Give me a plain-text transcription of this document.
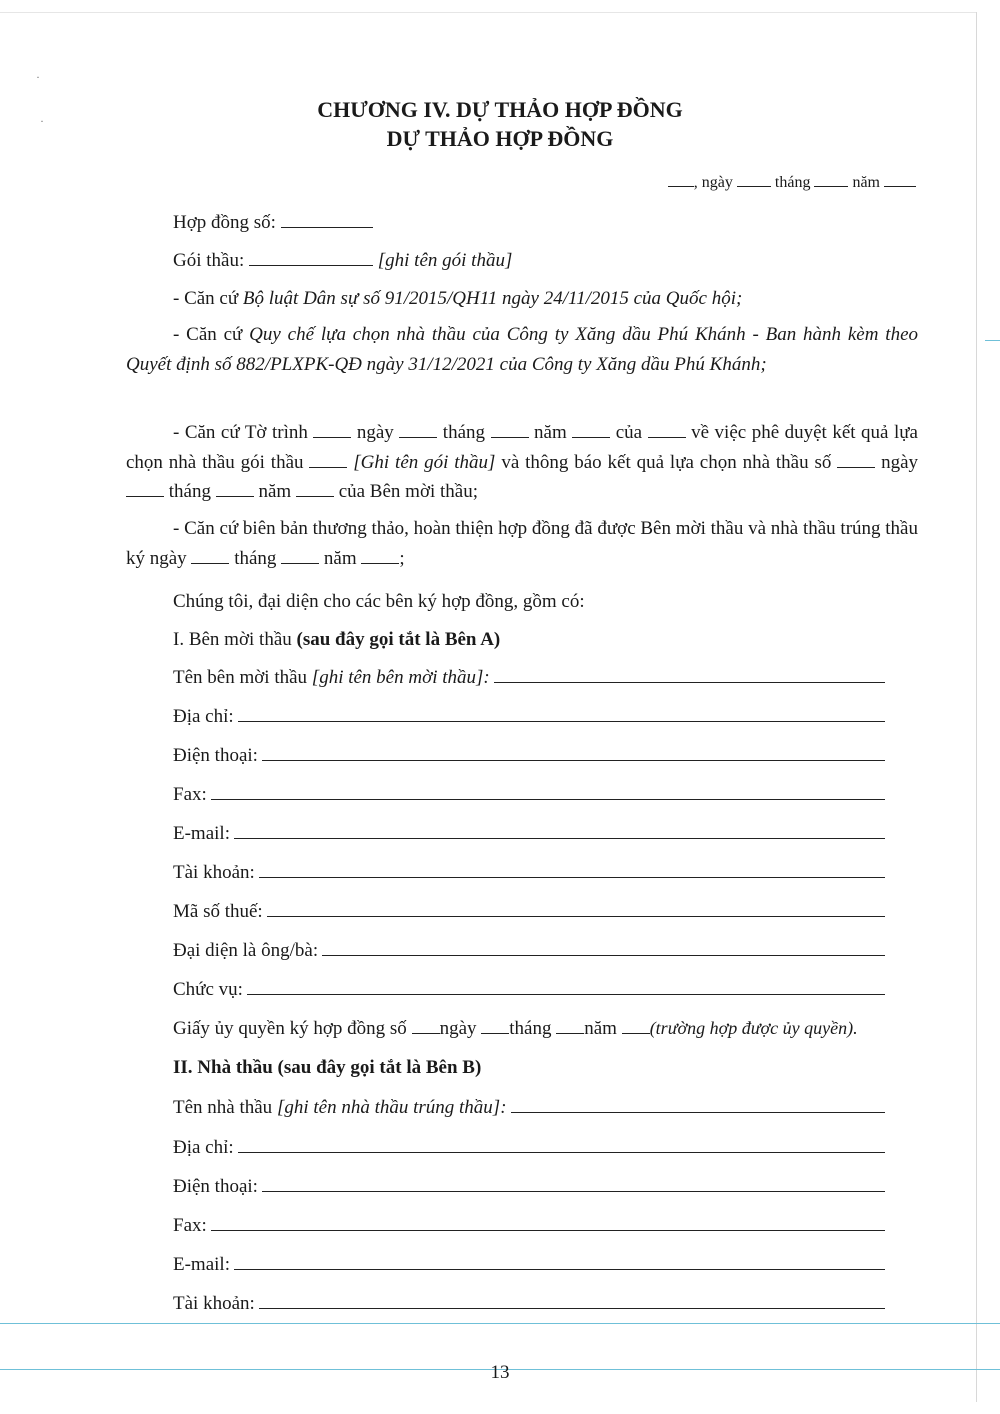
·
·	CHƯƠNG IV. DỰ THẢO HỢP ĐỒNG
DỰ THẢO HỢP ĐỒNG
, ngày	tháng	năm
Hợp đồng số:
Gói thầu:	[ghi tên gói thầu]
- Căn cứ Bộ luật Dân sự số 91/2015/QH11 ngày 24/11/2015 của Quốc hội;
- Căn cứ Quy chế lựa chọn nhà thầu của Công ty Xăng dầu Phú Khánh - Ban hành kèm theo Quyết định số 882/PLXPK-QĐ ngày 31/12/2021 của Công ty Xăng dầu Phú Khánh;
- Căn cứ Tờ trình	ngày	tháng	năm	của	về việc phê duyệt kết quả lựa chọn nhà thầu gói thầu	[Ghi tên gói thầu] và thông báo kết quả lựa chọn nhà thầu số	ngày  tháng	năm	của Bên mời thầu;
- Căn cứ biên bản thương thảo, hoàn thiện hợp đồng đã được Bên mời thầu và nhà thầu trúng thầu ký ngày	tháng	năm ;
Chúng tôi, đại diện cho các bên ký hợp đồng, gồm có:
I. Bên mời thầu (sau đây gọi tắt là Bên A)
Tên bên mời thầu
[ghi tên bên mời thầu]:
Địa chỉ:
Điện thoại:
Fax:
E-mail:
Tài khoản:
Mã số thuế:
Đại diện là ông/bà:
Chức vụ:
Giấy ủy quyền ký hợp đồng số ngày tháng năm (trường hợp được ủy quyền).
II. Nhà thầu (sau đây gọi tắt là Bên B)
Tên nhà thầu
[ghi tên nhà thầu trúng thầu]:
Địa chỉ:
Điện thoại:
Fax:
E-mail:
Tài khoản:
13
